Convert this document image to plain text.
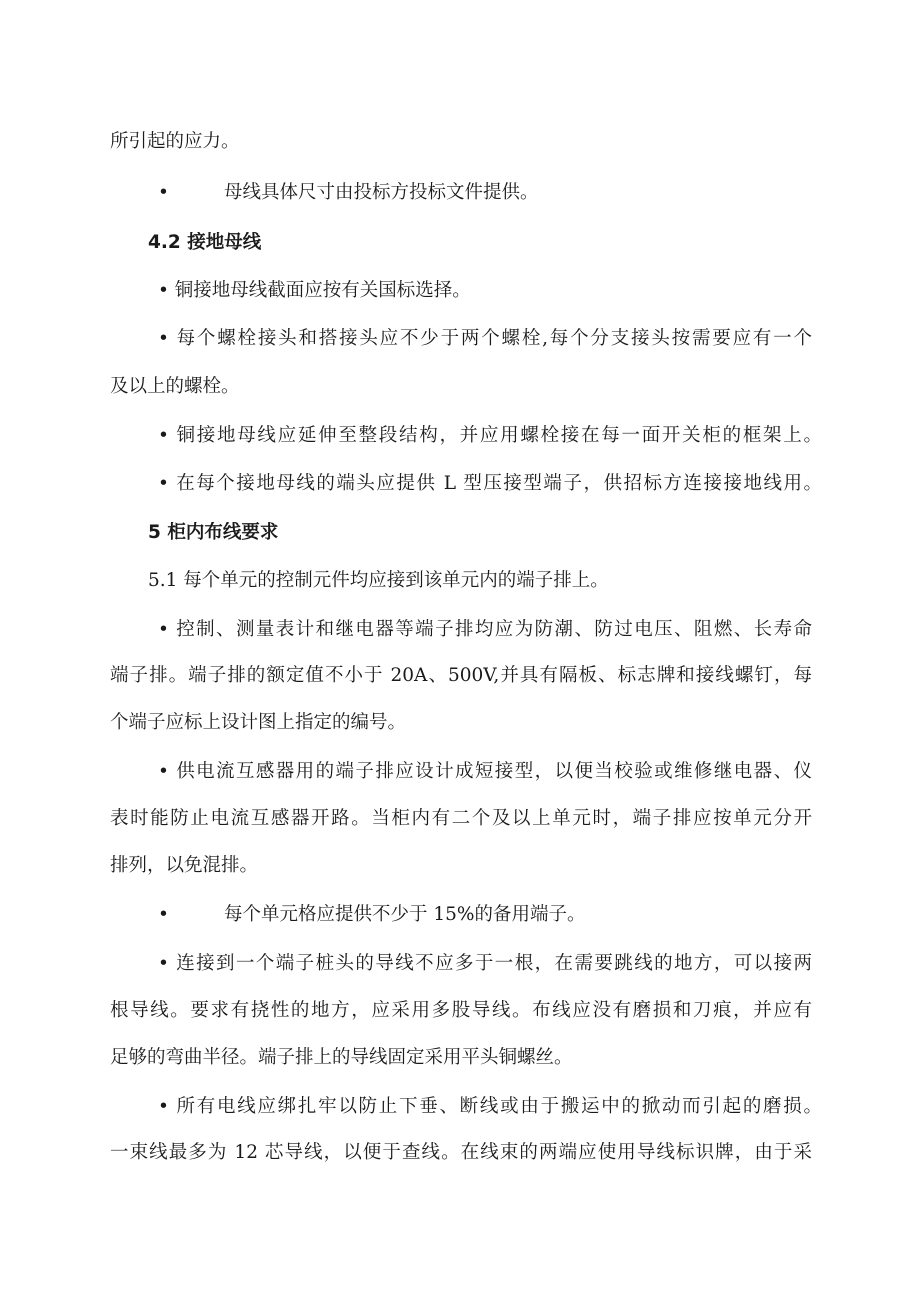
所引起的应力。
•	母线具体尺寸由投标方投标文件提供。
4.2 接地母线
• 铜接地母线截面应按有关国标选择。
• 每个螺栓接头和搭接头应不少于两个螺栓,每个分支接头按需要应有一个
及以上的螺栓。
• 铜接地母线应延伸至整段结构，并应用螺栓接在每一面开关柜的框架上。
• 在每个接地母线的端头应提供 L 型压接型端子，供招标方连接接地线用。
5 柜内布线要求
5.1 每个单元的控制元件均应接到该单元内的端子排上。
• 控制、测量表计和继电器等端子排均应为防潮、防过电压、阻燃、长寿命
端子排。端子排的额定值不小于 20A、500V,并具有隔板、标志牌和接线螺钉，每
个端子应标上设计图上指定的编号。
• 供电流互感器用的端子排应设计成短接型，以便当校验或维修继电器、仪
表时能防止电流互感器开路。当柜内有二个及以上单元时，端子排应按单元分开
排列，以免混排。
•	每个单元格应提供不少于 15%的备用端子。
• 连接到一个端子桩头的导线不应多于一根，在需要跳线的地方，可以接两
根导线。要求有挠性的地方，应采用多股导线。布线应没有磨损和刀痕，并应有
足够的弯曲半径。端子排上的导线固定采用平头铜螺丝。
• 所有电线应绑扎牢以防止下垂、断线或由于搬运中的掀动而引起的磨损。
一束线最多为 12 芯导线，以便于查线。在线束的两端应使用导线标识牌，由于采
